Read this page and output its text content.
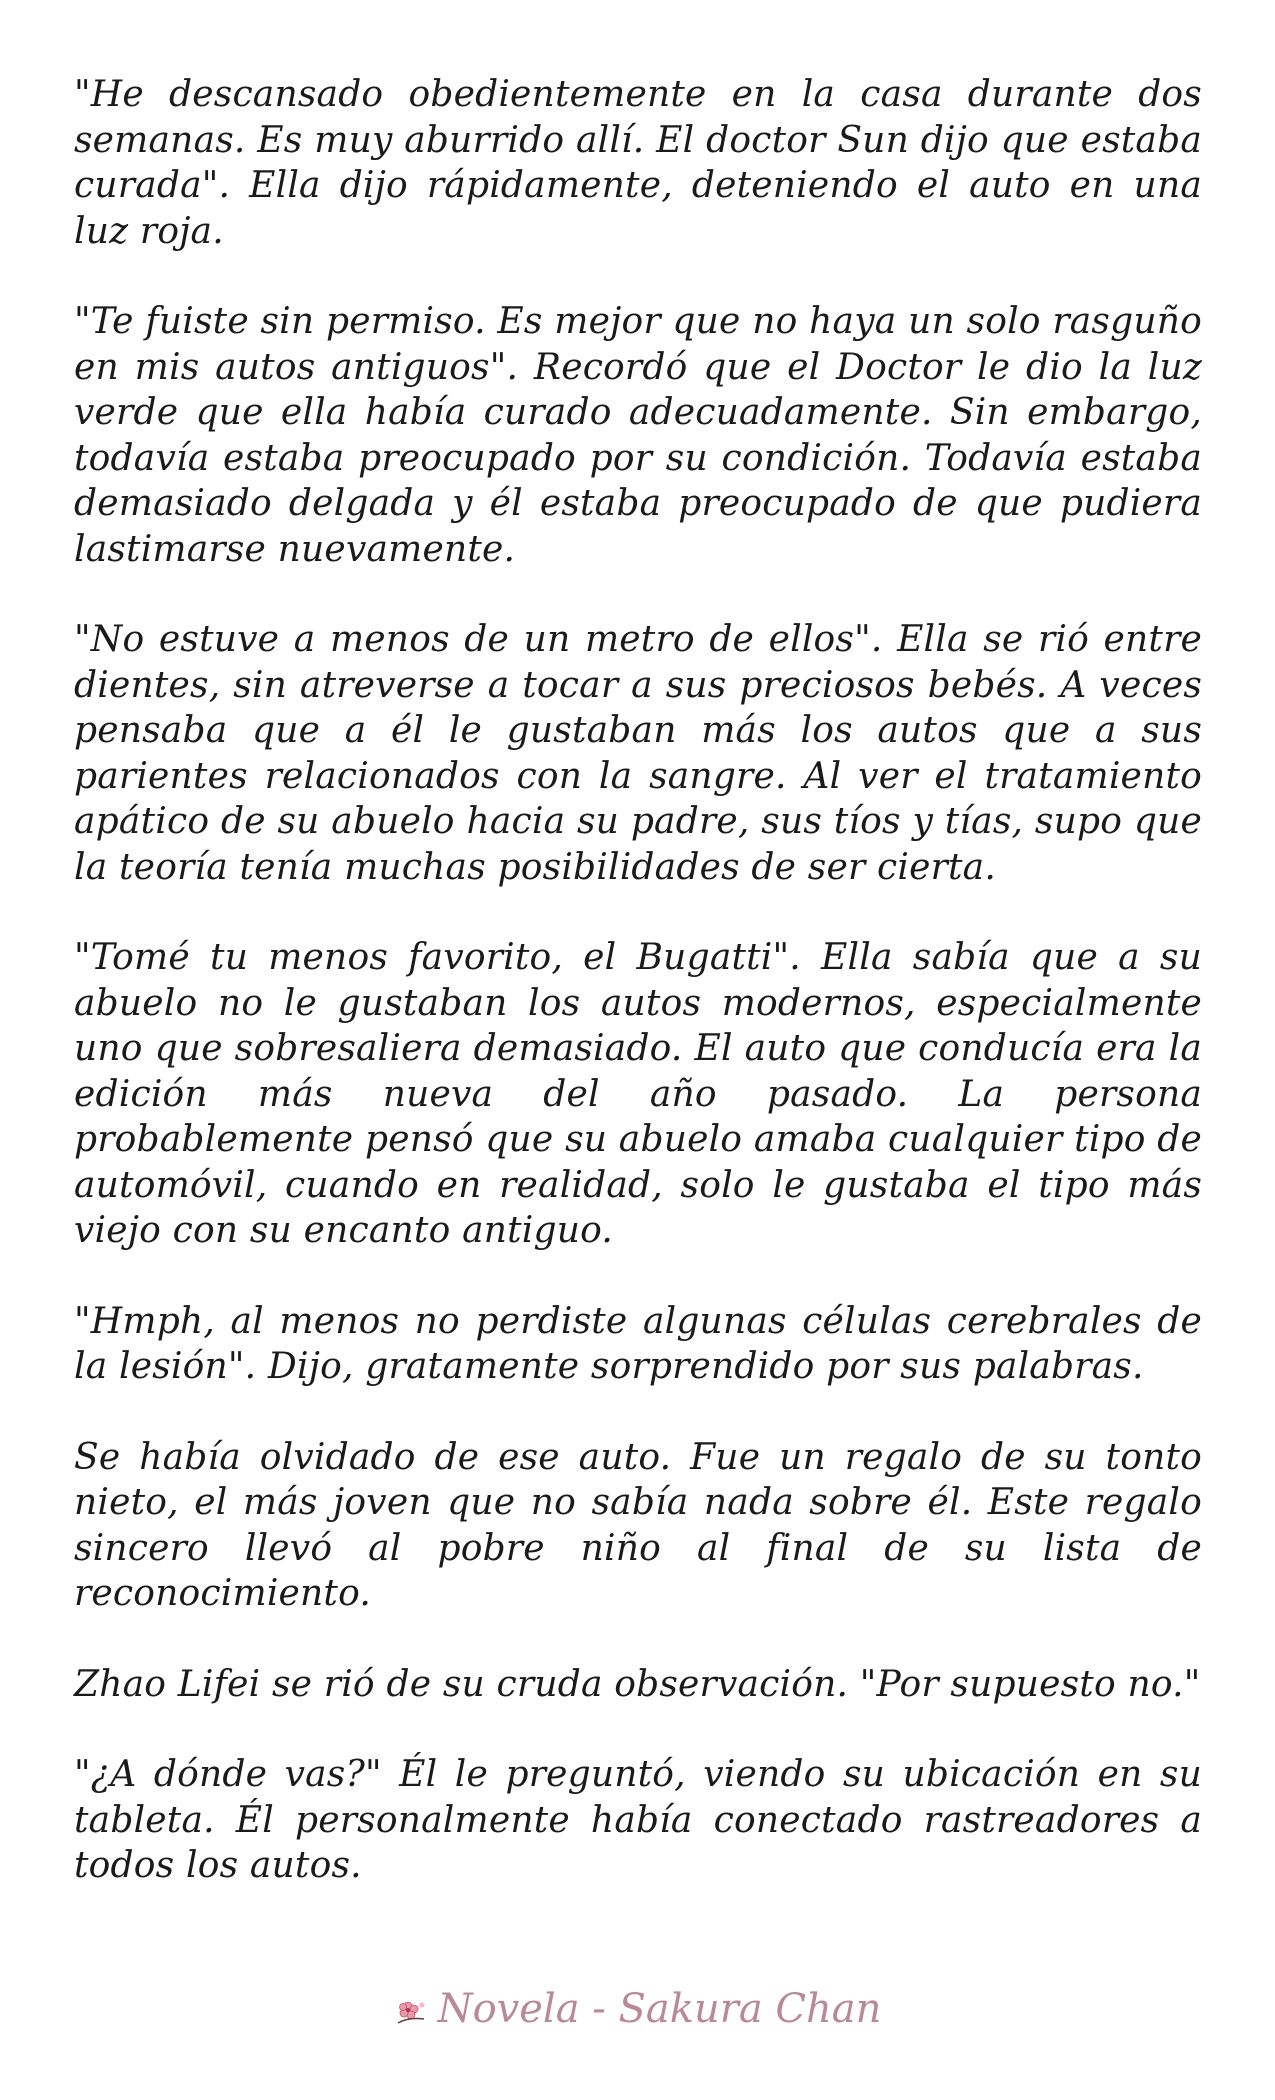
"He descansado obedientemente en la casa durante dos semanas. Es muy aburrido allí. El doctor Sun dijo que estaba curada". Ella dijo rápidamente, deteniendo el auto en una luz roja.

"Te fuiste sin permiso. Es mejor que no haya un solo rasguño en mis autos antiguos". Recordó que el Doctor le dio la luz verde que ella había curado adecuadamente. Sin embargo, todavía estaba preocupado por su condición. Todavía estaba demasiado delgada y él estaba preocupado de que pudiera lastimarse nuevamente.

"No estuve a menos de un metro de ellos". Ella se rió entre dientes, sin atreverse a tocar a sus preciosos bebés. A veces pensaba que a él le gustaban más los autos que a sus parientes relacionados con la sangre. Al ver el tratamiento apático de su abuelo hacia su padre, sus tíos y tías, supo que la teoría tenía muchas posibilidades de ser cierta.

"Tomé tu menos favorito, el Bugatti". Ella sabía que a su abuelo no le gustaban los autos modernos, especialmente uno que sobresaliera demasiado. El auto que conducía era la edición más nueva del año pasado. La persona probablemente pensó que su abuelo amaba cualquier tipo de automóvil, cuando en realidad, solo le gustaba el tipo más viejo con su encanto antiguo.

"Hmph, al menos no perdiste algunas células cerebrales de la lesión". Dijo, gratamente sorprendido por sus palabras.

Se había olvidado de ese auto. Fue un regalo de su tonto nieto, el más joven que no sabía nada sobre él. Este regalo sincero llevó al pobre niño al final de su lista de reconocimiento.

Zhao Lifei se rió de su cruda observación. "Por supuesto no."

"¿A dónde vas?" Él le preguntó, viendo su ubicación en su tableta. Él personalmente había conectado rastreadores a todos los autos.

Novela - Sakura Chan
